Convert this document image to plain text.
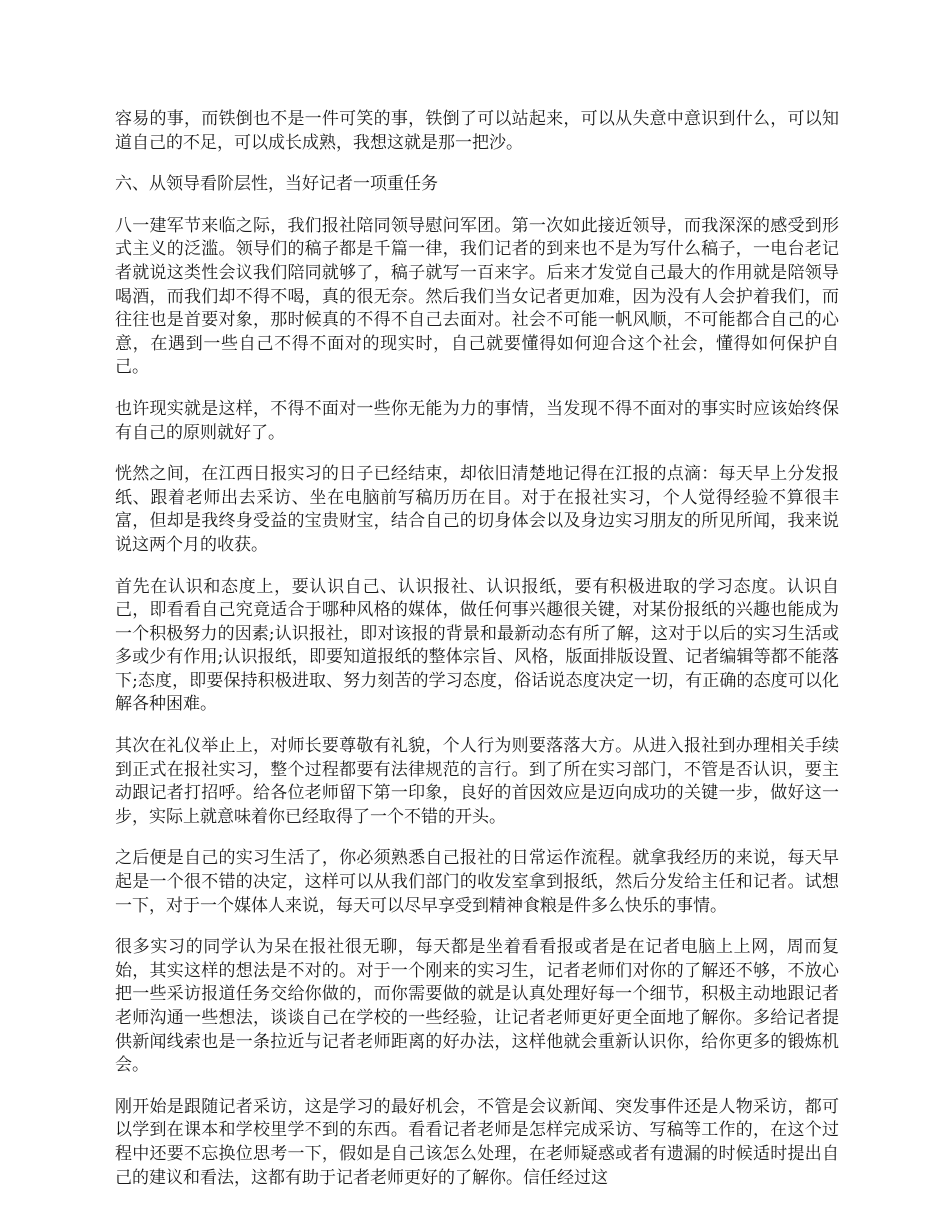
容易的事，而铁倒也不是一件可笑的事，铁倒了可以站起来，可以从失意中意识到什么，可以知道自己的不足，可以成长成熟，我想这就是那一把沙。

六、从领导看阶层性，当好记者一项重任务

八一建军节来临之际，我们报社陪同领导慰问军团。第一次如此接近领导，而我深深的感受到形式主义的泛滥。领导们的稿子都是千篇一律，我们记者的到来也不是为写什么稿子，一电台老记者就说这类性会议我们陪同就够了，稿子就写一百来字。后来才发觉自己最大的作用就是陪领导喝酒，而我们却不得不喝，真的很无奈。然后我们当女记者更加难，因为没有人会护着我们，而往往也是首要对象，那时候真的不得不自己去面对。社会不可能一帆风顺，不可能都合自己的心意，在遇到一些自己不得不面对的现实时，自己就要懂得如何迎合这个社会，懂得如何保护自己。

也许现实就是这样，不得不面对一些你无能为力的事情，当发现不得不面对的事实时应该始终保有自己的原则就好了。

恍然之间，在江西日报实习的日子已经结束，却依旧清楚地记得在江报的点滴：每天早上分发报纸、跟着老师出去采访、坐在电脑前写稿历历在目。对于在报社实习，个人觉得经验不算很丰富，但却是我终身受益的宝贵财宝，结合自己的切身体会以及身边实习朋友的所见所闻，我来说说这两个月的收获。

首先在认识和态度上，要认识自己、认识报社、认识报纸，要有积极进取的学习态度。认识自己，即看看自己究竟适合于哪种风格的媒体，做任何事兴趣很关键，对某份报纸的兴趣也能成为一个积极努力的因素;认识报社，即对该报的背景和最新动态有所了解，这对于以后的实习生活或多或少有作用;认识报纸，即要知道报纸的整体宗旨、风格，版面排版设置、记者编辑等都不能落下;态度，即要保持积极进取、努力刻苦的学习态度，俗话说态度决定一切，有正确的态度可以化解各种困难。

其次在礼仪举止上，对师长要尊敬有礼貌，个人行为则要落落大方。从进入报社到办理相关手续到正式在报社实习，整个过程都要有法律规范的言行。到了所在实习部门，不管是否认识，要主动跟记者打招呼。给各位老师留下第一印象，良好的首因效应是迈向成功的关键一步，做好这一步，实际上就意味着你已经取得了一个不错的开头。

之后便是自己的实习生活了，你必须熟悉自己报社的日常运作流程。就拿我经历的来说，每天早起是一个很不错的决定，这样可以从我们部门的收发室拿到报纸，然后分发给主任和记者。试想一下，对于一个媒体人来说，每天可以尽早享受到精神食粮是件多么快乐的事情。

很多实习的同学认为呆在报社很无聊，每天都是坐着看看报或者是在记者电脑上上网，周而复始，其实这样的想法是不对的。对于一个刚来的实习生，记者老师们对你的了解还不够，不放心把一些采访报道任务交给你做的，而你需要做的就是认真处理好每一个细节，积极主动地跟记者老师沟通一些想法，谈谈自己在学校的一些经验，让记者老师更好更全面地了解你。多给记者提供新闻线索也是一条拉近与记者老师距离的好办法，这样他就会重新认识你，给你更多的锻炼机会。

刚开始是跟随记者采访，这是学习的最好机会，不管是会议新闻、突发事件还是人物采访，都可以学到在课本和学校里学不到的东西。看看记者老师是怎样完成采访、写稿等工作的，在这个过程中还要不忘换位思考一下，假如是自己该怎么处理，在老师疑惑或者有遗漏的时候适时提出自己的建议和看法，这都有助于记者老师更好的了解你。信任经过这
